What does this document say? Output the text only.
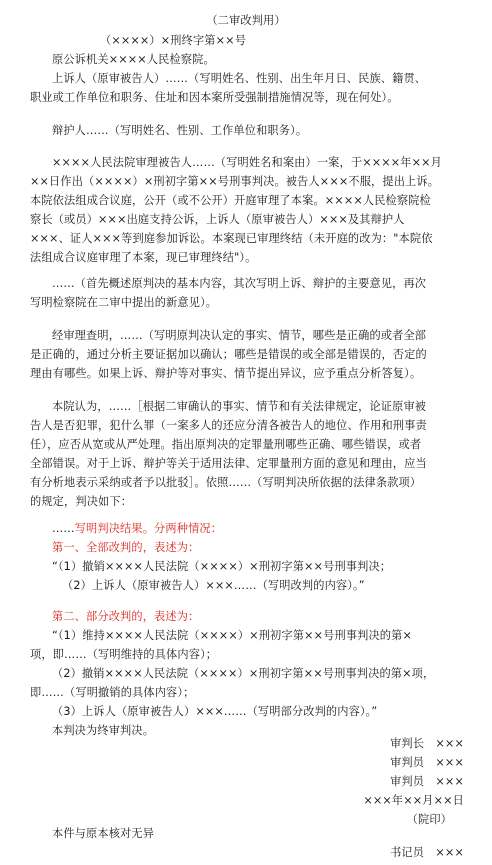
（二审改判用）
（××××）×刑终字第××号
原公诉机关××××人民检察院。
上诉人（原审被告人）……（写明姓名、性别、出生年月日、民族、籍贯、
职业或工作单位和职务、住址和因本案所受强制措施情况等，现在何处）。
辩护人……（写明姓名、性别、工作单位和职务）。
××××人民法院审理被告人……（写明姓名和案由）一案，于××××年××月
××日作出（××××）×刑初字第××号刑事判决。被告人×××不服，提出上诉。
本院依法组成合议庭，公开（或不公开）开庭审理了本案。××××人民检察院检
察长（或员）×××出庭支持公诉，上诉人（原审被告人）×××及其辩护人
×××、证人×××等到庭参加诉讼。本案现已审理终结（未开庭的改为："本院依
法组成合议庭审理了本案，现已审理终结"）。
……（首先概述原判决的基本内容，其次写明上诉、辩护的主要意见，再次
写明检察院在二审中提出的新意见）。
经审理查明，……（写明原判决认定的事实、情节，哪些是正确的或者全部
是正确的，通过分析主要证据加以确认；哪些是错误的或全部是错误的，否定的
理由有哪些。如果上诉、辩护等对事实、情节提出异议，应予重点分析答复）。
本院认为，……［根据二审确认的事实、情节和有关法律规定，论证原审被
告人是否犯罪，犯什么罪（一案多人的还应分清各被告人的地位、作用和刑事责
任），应否从宽或从严处理。指出原判决的定罪量刑哪些正确、哪些错误，或者
全部错误。对于上诉、辩护等关于适用法律、定罪量刑方面的意见和理由，应当
有分析地表示采纳或者予以批驳］。依照……（写明判决所依据的法律条款项）
的规定，判决如下：
……写明判决结果。分两种情况：
第一、全部改判的，表述为：
“（1）撤销××××人民法院（××××）×刑初字第××号刑事判决；
（2）上诉人（原审被告人）×××……（写明改判的内容）。”
第二、部分改判的，表述为：
“（1）维持××××人民法院（××××）×刑初字第××号刑事判决的第×
项，即……（写明维持的具体内容）；
（2）撤销××××人民法院（××××）×刑初字第××号刑事判决的第×项，
即……（写明撤销的具体内容）；
（3）上诉人（原审被告人）×××……（写明部分改判的内容）。”
本判决为终审判决。
审判长　×××
审判员　×××
审判员　×××
×××年××月××日
（院印）
本件与原本核对无异
书记员　×××
